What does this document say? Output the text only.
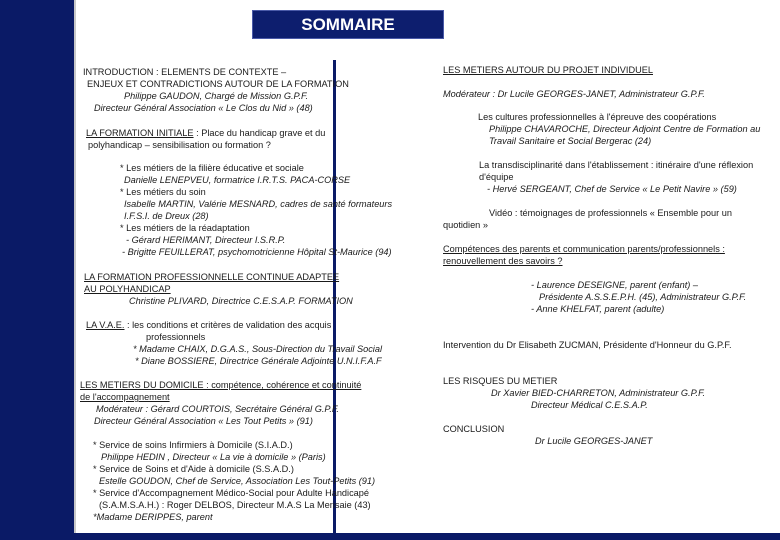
SOMMAIRE
INTRODUCTION : ELEMENTS DE CONTEXTE –
ENJEUX ET CONTRADICTIONS AUTOUR DE LA FORMATION
Philippe GAUDON, Chargé de Mission G.P.F.
Directeur Général Association « Le Clos du Nid » (48)
LA FORMATION INITIALE : Place du handicap grave et du
polyhandicap – sensibilisation ou formation ?
* Les métiers de la filière éducative et sociale
Danielle LENEPVEU, formatrice I.R.T.S. PACA-CORSE
* Les métiers du soin
Isabelle MARTIN, Valérie MESNARD, cadres de santé formateurs
I.F.S.I. de Dreux (28)
* Les métiers de la réadaptation
- Gérard HERIMANT, Directeur I.S.R.P.
- Brigitte FEUILLERAT, psychomotricienne Hôpital St-Maurice (94)
LA FORMATION PROFESSIONNELLE CONTINUE ADAPTEE
AU POLYHANDICAP
Christine PLIVARD, Directrice C.E.S.A.P. FORMATION
LA V.A.E. : les conditions et critères de validation des acquis
professionnels
* Madame CHAIX, D.G.A.S., Sous-Direction du Travail Social
* Diane BOSSIERE, Directrice Générale Adjointe U.N.I.F.A.F
LES METIERS DU DOMICILE : compétence, cohérence et continuité
de l'accompagnement
Modérateur : Gérard COURTOIS, Secrétaire Général G.P.F.
Directeur Général Association « Les Tout Petits » (91)
* Service de soins Infirmiers à Domicile (S.I.A.D.)
Philippe HEDIN , Directeur « La vie à domicile » (Paris)
* Service de Soins et d'Aide à domicile (S.S.A.D.)
Estelle GOUDON, Chef de Service, Association Les Tout-Petits (91)
* Service d'Accompagnement Médico-Social pour Adulte Handicapé
(S.A.M.S.A.H.) : Roger DELBOS, Directeur M.A.S La Merisaie (43)
*Madame DERIPPES, parent
LES METIERS AUTOUR DU PROJET INDIVIDUEL
Modérateur : Dr Lucile GEORGES-JANET, Administrateur G.P.F.
Les cultures professionnelles à l'épreuve des coopérations
Philippe CHAVAROCHE, Directeur Adjoint Centre de Formation au
Travail Sanitaire et Social Bergerac (24)
La transdisciplinarité dans l'établissement : itinéraire d'une réflexion
d'équipe
- Hervé SERGEANT, Chef de Service « Le Petit Navire » (59)
Vidéo : témoignages de professionnels « Ensemble pour un
quotidien »
Compétences des parents et communication parents/professionnels :
renouvellement des savoirs ?
- Laurence DESEIGNE, parent (enfant) –
Présidente A.S.S.E.P.H. (45), Administrateur G.P.F.
- Anne KHELFAT, parent (adulte)
Intervention du Dr Elisabeth ZUCMAN, Présidente d'Honneur du G.P.F.
LES RISQUES DU METIER
Dr Xavier BIED-CHARRETON, Administrateur G.P.F.
Directeur Médical C.E.S.A.P.
CONCLUSION
Dr Lucile GEORGES-JANET
